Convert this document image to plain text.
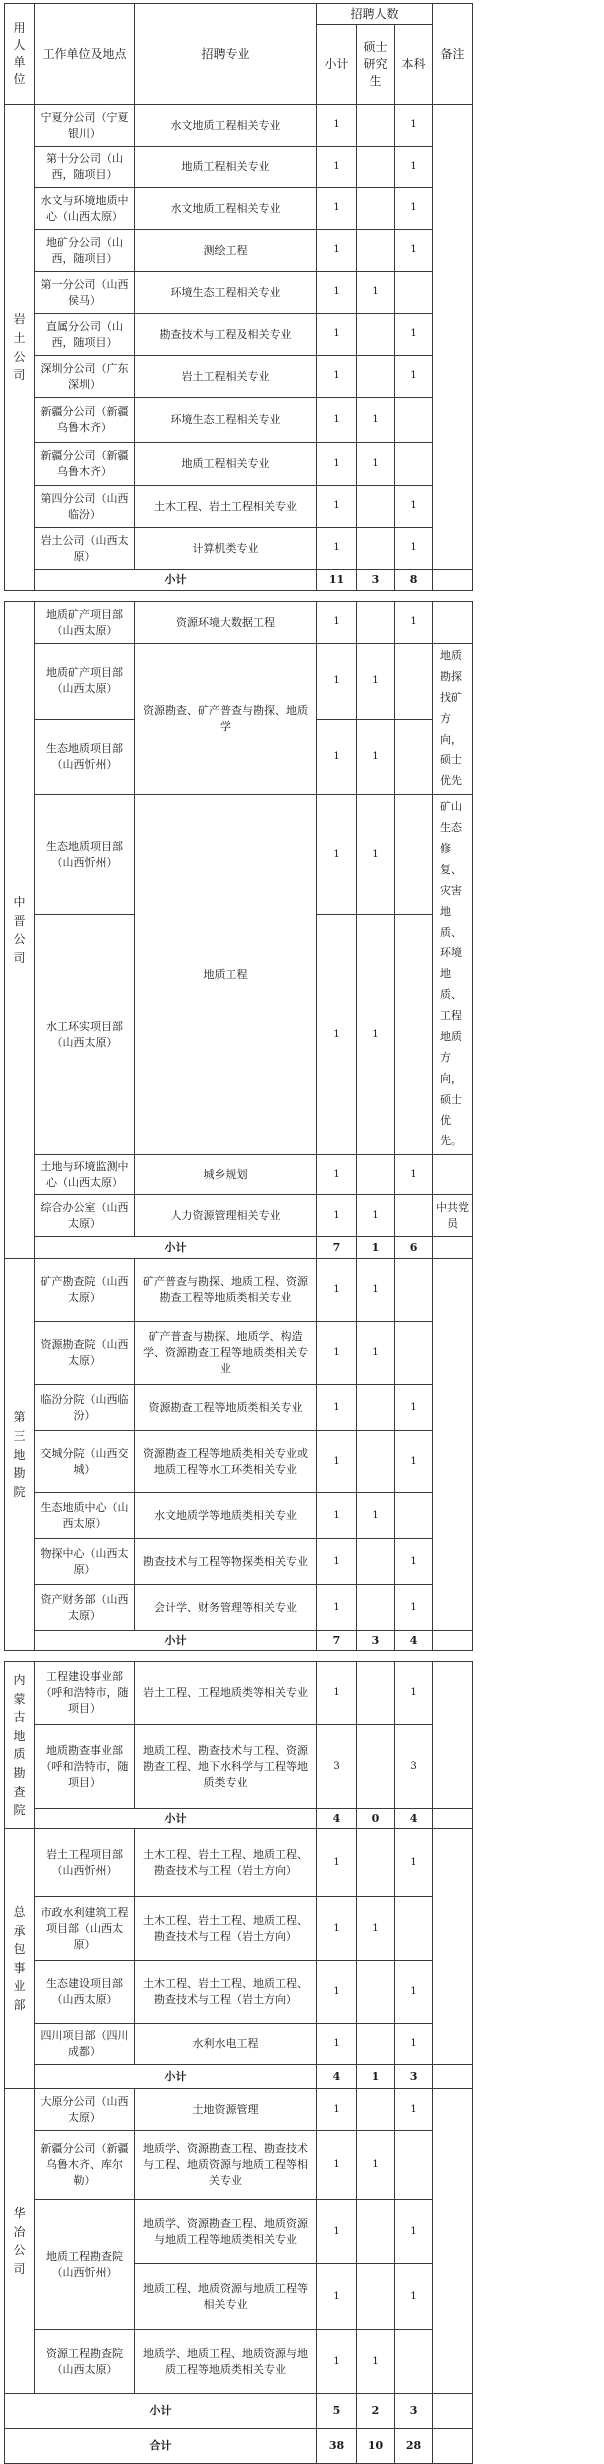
用人单位	工作单位及地点	招聘专业	招聘人数			备注
			小计	硕士研究生	本科	
岩土公司	宁夏分公司（宁夏银川）	水文地质工程相关专业	1		1	
	第十分公司（山西，随项目）	地质工程相关专业	1		1	
	水文与环境地质中心（山西太原）	水文地质工程相关专业	1		1	
	地矿分公司（山西，随项目）	测绘工程	1		1	
	第一分公司（山西侯马）	环境生态工程相关专业	1	1		
	直属分公司（山西，随项目）	勘查技术与工程及相关专业	1		1	
	深圳分公司（广东深圳）	岩土工程相关专业	1		1	
	新疆分公司（新疆乌鲁木齐）	环境生态工程相关专业	1	1		
	新疆分公司（新疆乌鲁木齐）	地质工程相关专业	1	1		
	第四分公司（山西临汾）	土木工程、岩土工程相关专业	1		1	
	岩土公司（山西太原）	计算机类专业	1		1	
	小计		11	3	8	

中晋公司	地质矿产项目部（山西太原）	资源环境大数据工程	1		1	
	地质矿产项目部（山西太原）	资源勘查、矿产普查与勘探、地质学	1	1		地质勘探找矿方向，硕士优先
	生态地质项目部（山西忻州）		1	1		
	生态地质项目部（山西忻州）	地质工程	1	1		矿山生态修复、灾害地质、环境地质、工程地质方向，硕士优先。
	水工环实项目部（山西太原）		1	1		
	土地与环境监测中心（山西太原）	城乡规划	1		1	
	综合办公室（山西太原）	人力资源管理相关专业	1	1		中共党员
	小计		7	1	6	
第三地勘院	矿产勘查院（山西太原）	矿产普查与勘探、地质工程、资源勘查工程等地质类相关专业	1	1		
	资源勘查院（山西太原）	矿产普查与勘探、地质学、构造学、资源勘查工程等地质类相关专业	1	1		
	临汾分院（山西临汾）	资源勘查工程等地质类相关专业	1		1	
	交城分院（山西交城）	资源勘查工程等地质类相关专业或地质工程等水工环类相关专业	1		1	
	生态地质中心（山西太原）	水文地质学等地质类相关专业	1	1		
	物探中心（山西太原）	勘查技术与工程等物探类相关专业	1		1	
	资产财务部（山西太原）	会计学、财务管理等相关专业	1		1	
	小计		7	3	4	

内蒙古地质勘查院	工程建设事业部（呼和浩特市，随项目）	岩土工程、工程地质类等相关专业	1		1	
	地质勘查事业部（呼和浩特市，随项目）	地质工程、勘查技术与工程、资源勘查工程、地下水科学与工程等地质类专业	3		3	
	小计		4	0	4	
总承包事业部	岩土工程项目部（山西忻州）	土木工程、岩土工程、地质工程、勘查技术与工程（岩土方向）	1		1	
	市政水利建筑工程项目部（山西太原）	土木工程、岩土工程、地质工程、勘查技术与工程（岩土方向）	1	1		
	生态建设项目部（山西太原）	土木工程、岩土工程、地质工程、勘查技术与工程（岩土方向）	1		1	
	四川项目部（四川成都）	水利水电工程	1		1	
	小计		4	1	3	
华冶公司	大原分公司（山西太原）	土地资源管理	1		1	
	新疆分公司（新疆乌鲁木齐、库尔勒）	地质学、资源勘查工程、勘查技术与工程、地质资源与地质工程等相关专业	1	1		
	地质工程勘查院（山西忻州）	地质学、资源勘查工程、地质资源与地质工程等地质类相关专业	1		1	
		地质工程、地质资源与地质工程等相关专业	1		1	
	资源工程勘查院（山西太原）	地质学、地质工程、地质资源与地质工程等地质类相关专业	1	1		
小计			5	2	3	
合计			38	10	28	
